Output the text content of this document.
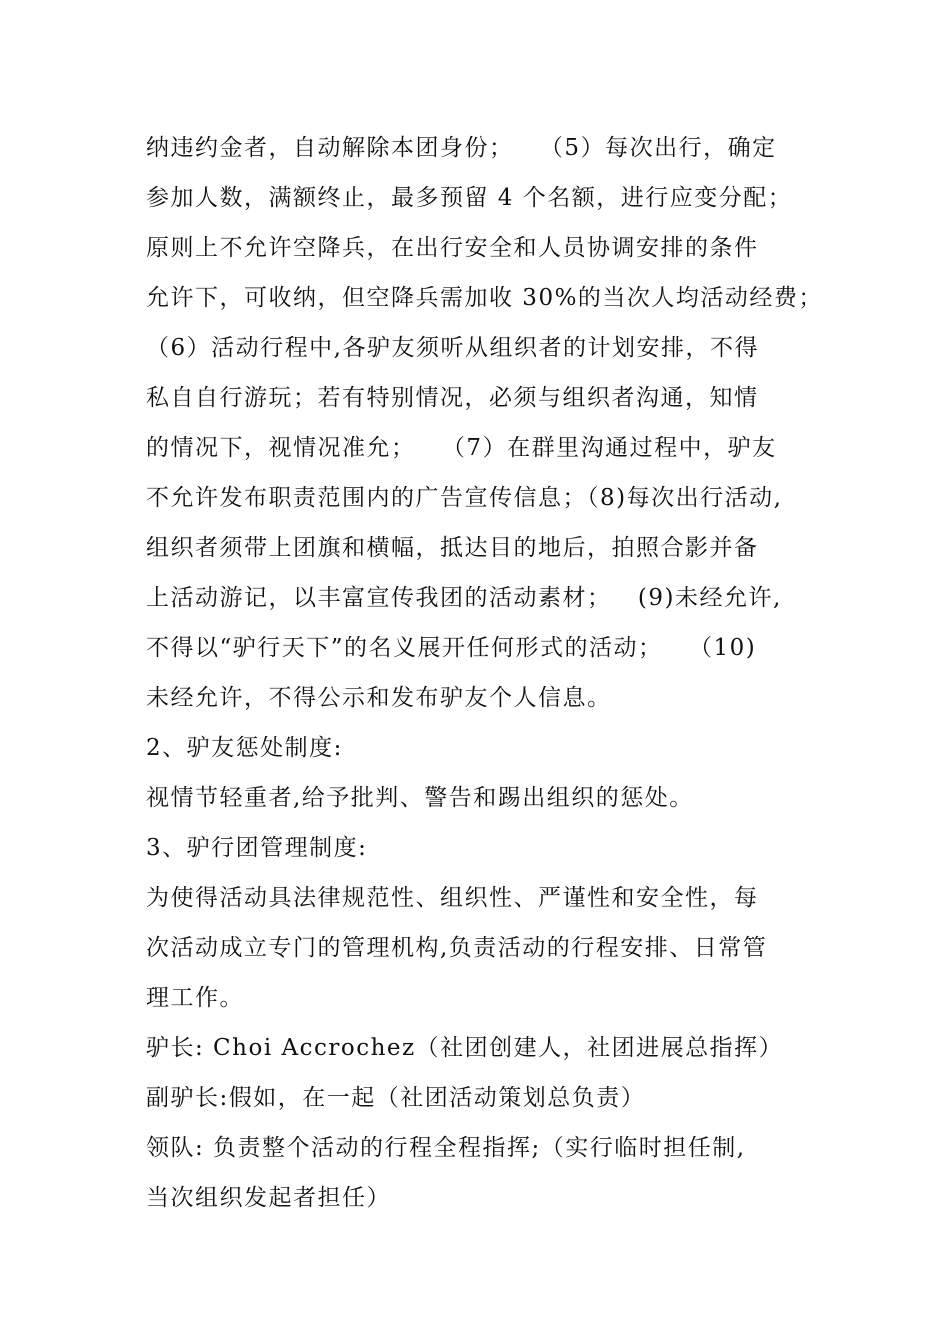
纳违约金者，自动解除本团身份；   （5）每次出行，确定
参加人数，满额终止，最多预留 4 个名额，进行应变分配；
原则上不允许空降兵，在出行安全和人员协调安排的条件
允许下，可收纳，但空降兵需加收 30%的当次人均活动经费；
（6）活动行程中,各驴友须听从组织者的计划安排，不得
私自自行游玩；若有特别情况，必须与组织者沟通，知情
的情况下，视情况准允；   （7）在群里沟通过程中，驴友
不允许发布职责范围内的广告宣传信息；（8)每次出行活动,
组织者须带上团旗和横幅，抵达目的地后，拍照合影并备
上活动游记，以丰富宣传我团的活动素材；   (9)未经允许,
不得以“驴行天下”的名义展开任何形式的活动；   （10)
未经允许，不得公示和发布驴友个人信息。
2、驴友惩处制度:
视情节轻重者,给予批判、警告和踢出组织的惩处。
3、驴行团管理制度:
为使得活动具法律规范性、组织性、严谨性和安全性，每
次活动成立专门的管理机构,负责活动的行程安排、日常管
理工作。
驴长: Choi Accrochez（社团创建人，社团进展总指挥）
副驴长:假如，在一起（社团活动策划总负责）
领队: 负责整个活动的行程全程指挥;（实行临时担任制,
当次组织发起者担任）
